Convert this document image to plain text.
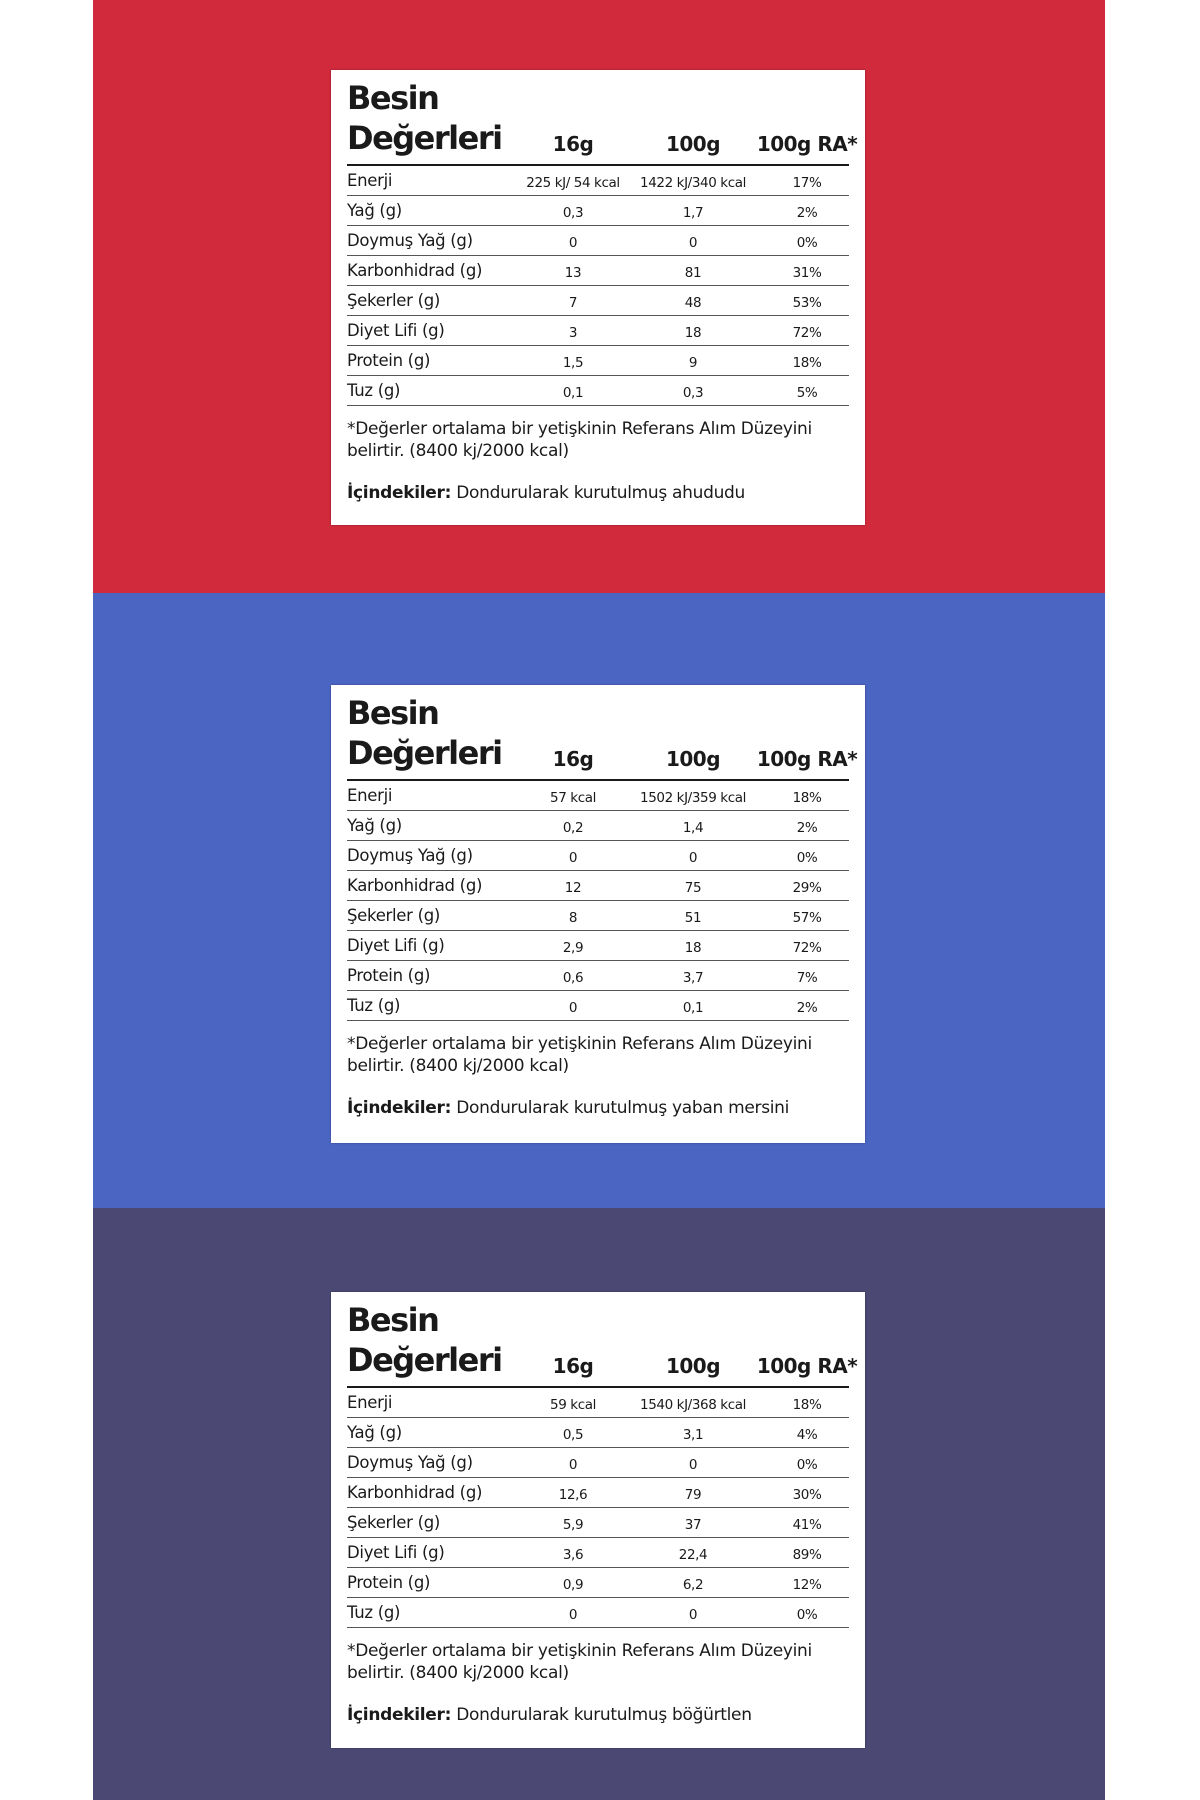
Besin
Değerleri	16g	100g	100g RA*
Enerji	225 kJ/ 54 kcal	1422 kJ/340 kcal	17%
Yağ (g)	0,3	1,7	2%
Doymuş Yağ (g)	0	0	0%
Karbonhidrad (g)	13	81	31%
Şekerler (g)	7	48	53%
Diyet Lifi (g)	3	18	72%
Protein (g)	1,5	9	18%
Tuz (g)	0,1	0,3	5%
*Değerler ortalama bir yetişkinin Referans Alım Düzeyini belirtir. (8400 kj/2000 kcal)
İçindekiler: Dondurularak kurutulmuş ahududu
Besin
Değerleri	16g	100g	100g RA*
Enerji	57 kcal	1502 kJ/359 kcal	18%
Yağ (g)	0,2	1,4	2%
Doymuş Yağ (g)	0	0	0%
Karbonhidrad (g)	12	75	29%
Şekerler (g)	8	51	57%
Diyet Lifi (g)	2,9	18	72%
Protein (g)	0,6	3,7	7%
Tuz (g)	0	0,1	2%
*Değerler ortalama bir yetişkinin Referans Alım Düzeyini belirtir. (8400 kj/2000 kcal)
İçindekiler: Dondurularak kurutulmuş yaban mersini
Besin
Değerleri	16g	100g	100g RA*
Enerji	59 kcal	1540 kJ/368 kcal	18%
Yağ (g)	0,5	3,1	4%
Doymuş Yağ (g)	0	0	0%
Karbonhidrad (g)	12,6	79	30%
Şekerler (g)	5,9	37	41%
Diyet Lifi (g)	3,6	22,4	89%
Protein (g)	0,9	6,2	12%
Tuz (g)	0	0	0%
*Değerler ortalama bir yetişkinin Referans Alım Düzeyini belirtir. (8400 kj/2000 kcal)
İçindekiler: Dondurularak kurutulmuş böğürtlen
